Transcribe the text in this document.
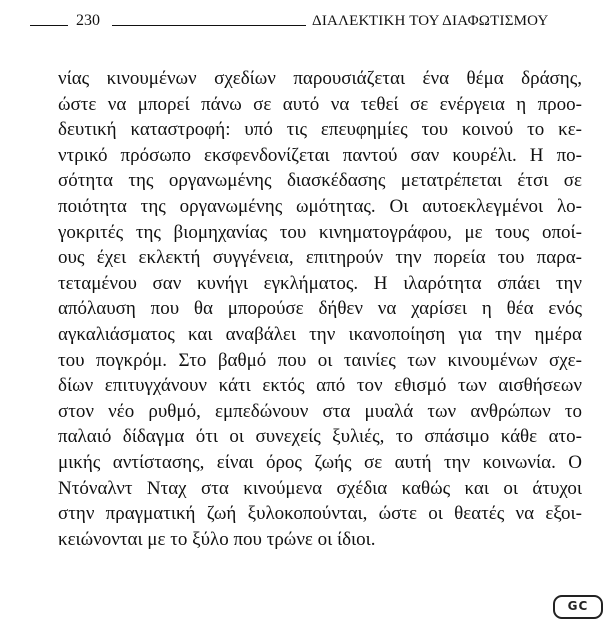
230	ΔΙΑΛΕΚΤΙΚΗ ΤΟΥ ΔΙΑΦΩΤΙΣΜΟΥ
νίας κινουμένων σχεδίων παρουσιάζεται ένα θέμα δράσης,
ώστε να μπορεί πάνω σε αυτό να τεθεί σε ενέργεια η προο-
δευτική καταστροφή: υπό τις επευφημίες του κοινού το κε-
ντρικό πρόσωπο εκσφενδονίζεται παντού σαν κουρέλι. Η πο-
σότητα της οργανωμένης διασκέδασης μετατρέπεται έτσι σε
ποιότητα της οργανωμένης ωμότητας. Οι αυτοεκλεγμένοι λο-
γοκριτές της βιομηχανίας του κινηματογράφου, με τους οποί-
ους έχει εκλεκτή συγγένεια, επιτηρούν την πορεία του παρα-
τεταμένου σαν κυνήγι εγκλήματος. Η ιλαρότητα σπάει την
απόλαυση που θα μπορούσε δήθεν να χαρίσει η θέα ενός
αγκαλιάσματος και αναβάλει την ικανοποίηση για την ημέρα
του πογκρόμ. Στο βαθμό που οι ταινίες των κινουμένων σχε-
δίων επιτυγχάνουν κάτι εκτός από τον εθισμό των αισθήσεων
στον νέο ρυθμό, εμπεδώνουν στα μυαλά των ανθρώπων το
παλαιό δίδαγμα ότι οι συνεχείς ξυλιές, το σπάσιμο κάθε ατο-
μικής αντίστασης, είναι όρος ζωής σε αυτή την κοινωνία. Ο
Ντόναλντ Νταχ στα κινούμενα σχέδια καθώς και οι άτυχοι
στην πραγματική ζωή ξυλοκοπούνται, ώστε οι θεατές να εξοι-
κειώνονται με το ξύλο που τρώνε οι ίδιοι.
GC
